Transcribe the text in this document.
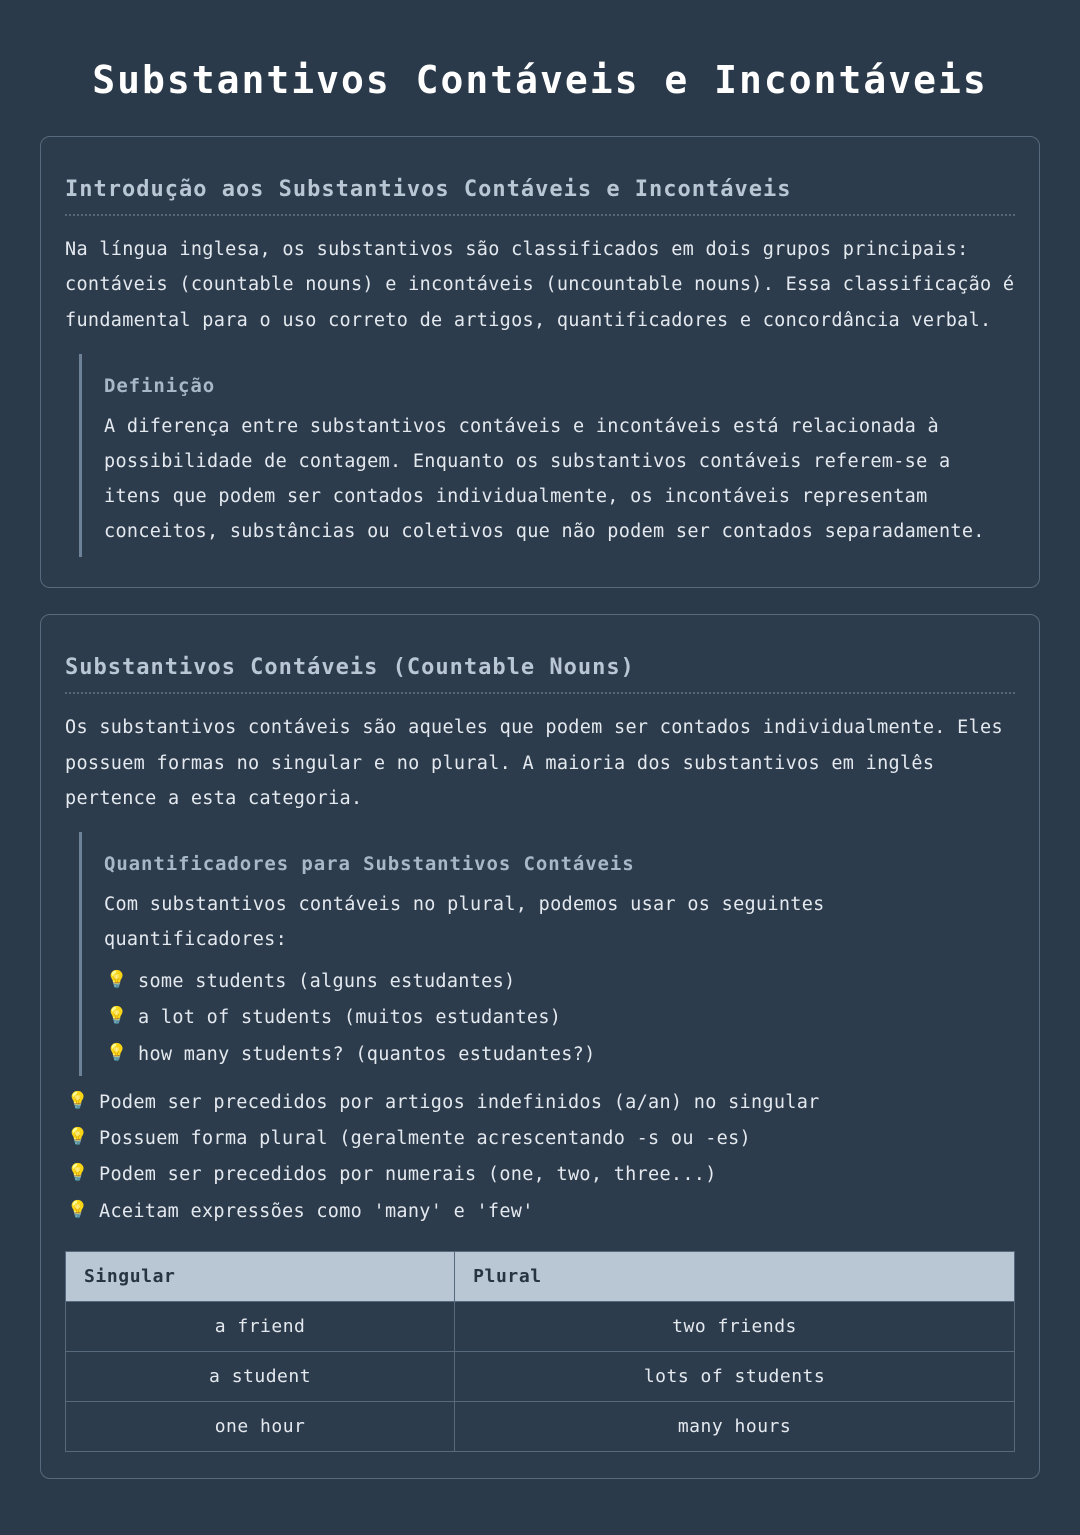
Substantivos Contáveis e Incontáveis
Introdução aos Substantivos Contáveis e Incontáveis

Na língua inglesa, os substantivos são classificados em dois grupos principais: contáveis (countable nouns) e incontáveis (uncountable nouns). Essa classificação é fundamental para o uso correto de artigos, quantificadores e concordância verbal.

Definição

A diferença entre substantivos contáveis e incontáveis está relacionada à possibilidade de contagem. Enquanto os substantivos contáveis referem-se a itens que podem ser contados individualmente, os incontáveis representam conceitos, substâncias ou coletivos que não podem ser contados separadamente.

Substantivos Contáveis (Countable Nouns)

Os substantivos contáveis são aqueles que podem ser contados individualmente. Eles possuem formas no singular e no plural. A maioria dos substantivos em inglês pertence a esta categoria.

Quantificadores para Substantivos Contáveis

Com substantivos contáveis no plural, podemos usar os seguintes quantificadores:

💡 some students (alguns estudantes)
💡 a lot of students (muitos estudantes)
💡 how many students? (quantos estudantes?)
💡 Podem ser precedidos por artigos indefinidos (a/an) no singular
💡 Possuem forma plural (geralmente acrescentando -s ou -es)
💡 Podem ser precedidos por numerais (one, two, three...)
💡 Aceitam expressões como 'many' e 'few'
Singular	Plural
a friend	two friends
a student	lots of students
one hour	many hours
